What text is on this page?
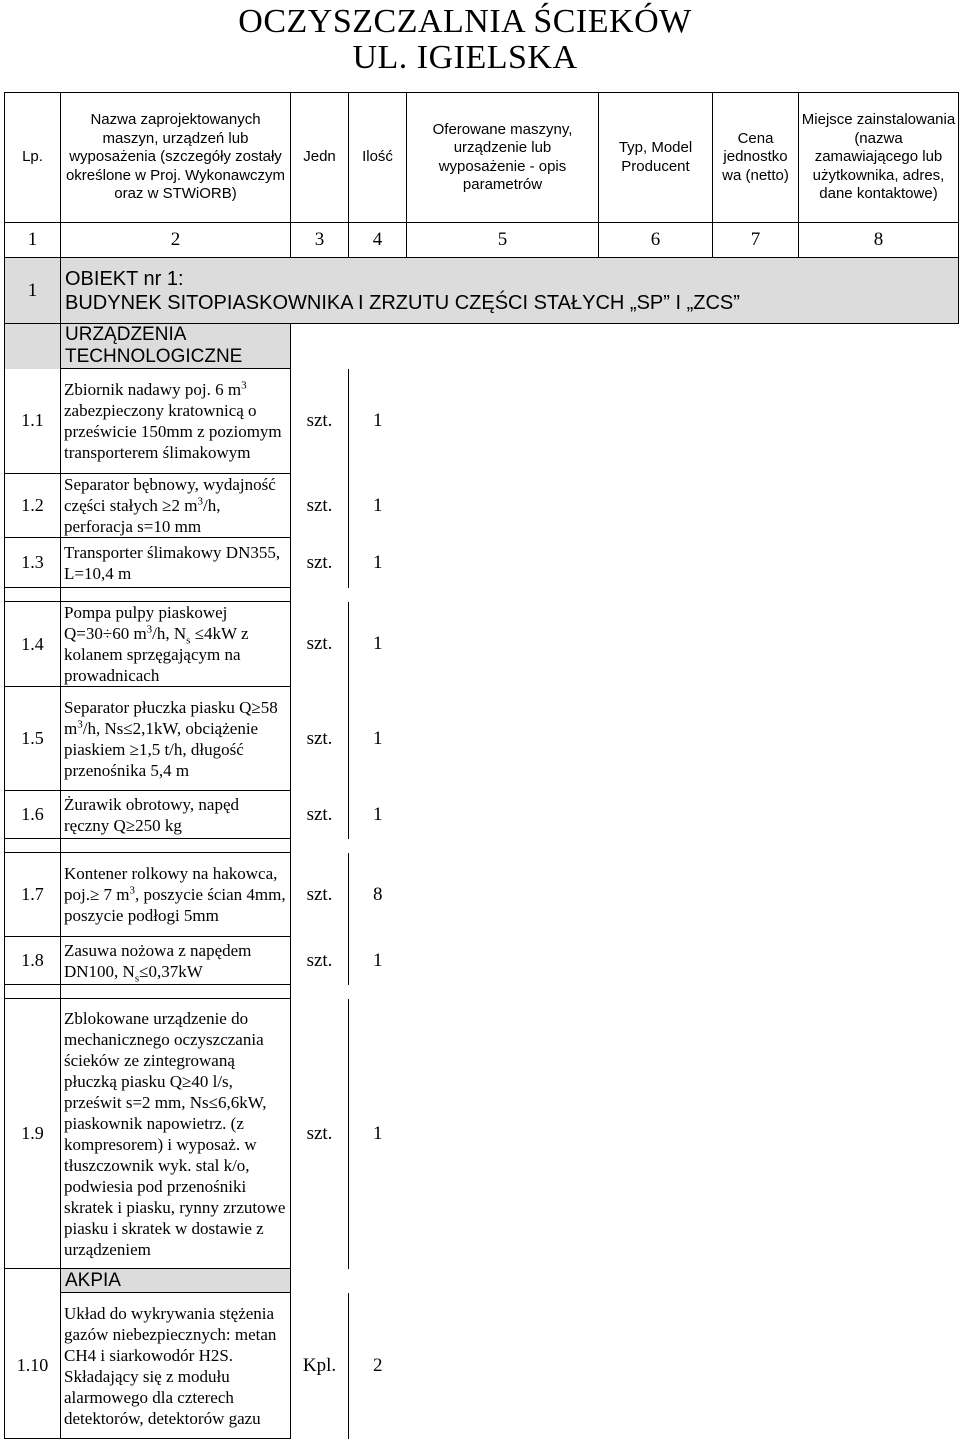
OCZYSZCZALNIA ŚCIEKÓW
UL. IGIELSKA
Lp.	Nazwa zaprojektowanych maszyn, urządzeń lub wyposażenia (szczegóły zostały określone w Proj. Wykonawczym oraz w STWiORB)	Jedn	Ilość	Oferowane maszyny, urządzenie lub wyposażenie - opis parametrów	Typ, Model Producent	Cena jednostko wa (netto)	Miejsce zainstalowania (nazwa zamawiającego lub użytkownika, adres, dane kontaktowe)
1	2	3	4	5	6	7	8
1	OBIEKT nr 1:
BUDYNEK SITOPIASKOWNIKA I ZRZUTU CZĘŚCI STAŁYCH „SP” I „ZCS”						

	URZĄDZENIA TECHNOLOGICZNE						
1.1	Zbiornik nadawy poj. 6 $m^3$ zabezpieczony kratownicą o prześwicie 150mm z poziomym transporterem ślimakowym	szt.	1				
1.2	Separator bębnowy, wydajność części stałych ≥2 $m^3/h$, perforacja s=10 mm	szt.	1				
1.3	Transporter ślimakowy DN355, L=10,4 m	szt.	1				

1.4	Pompa pulpy piaskowej Q=30÷60 $m^3/h$, $N_s \le 4kW$ z kolanem sprzęgającym na prowadnicach	szt.	1				
1.5	Separator płuczka piasku Q≥58 $m^3/h$, Ns≤2,1kW, obciążenie piaskiem ≥1,5 t/h, długość przenośnika 5,4 m	szt.	1				
1.6	Żurawik obrotowy, napęd ręczny Q≥250 kg	szt.	1				

1.7	Kontener rolkowy na hakowca, poj.≥ 7 $m^3$, poszycie ścian 4mm, poszycie podłogi 5mm	szt.	8				
1.8	Zasuwa nożowa z napędem DN100, $N_s\le 0,37kW$	szt.	1				

1.9	Zblokowane urządzenie do mechanicznego oczyszczania ścieków ze zintegrowaną płuczką piasku Q≥40 l/s, prześwit s=2 mm, Ns≤6,6kW, piaskownik napowietrz. (z kompresorem) i wyposaż. w tłuszczownik wyk. stal k/o, podwiesia pod przenośniki skratek i piasku, rynny zrzutowe piasku i skratek w dostawie z urządzeniem	szt.	1				
	AKPIA						
1.10	Układ do wykrywania stężenia gazów niebezpiecznych: metan CH4 i siarkowodór H2S. Składający się z modułu alarmowego dla czterech detektorów, detektorów gazu	Kpl.	2				
